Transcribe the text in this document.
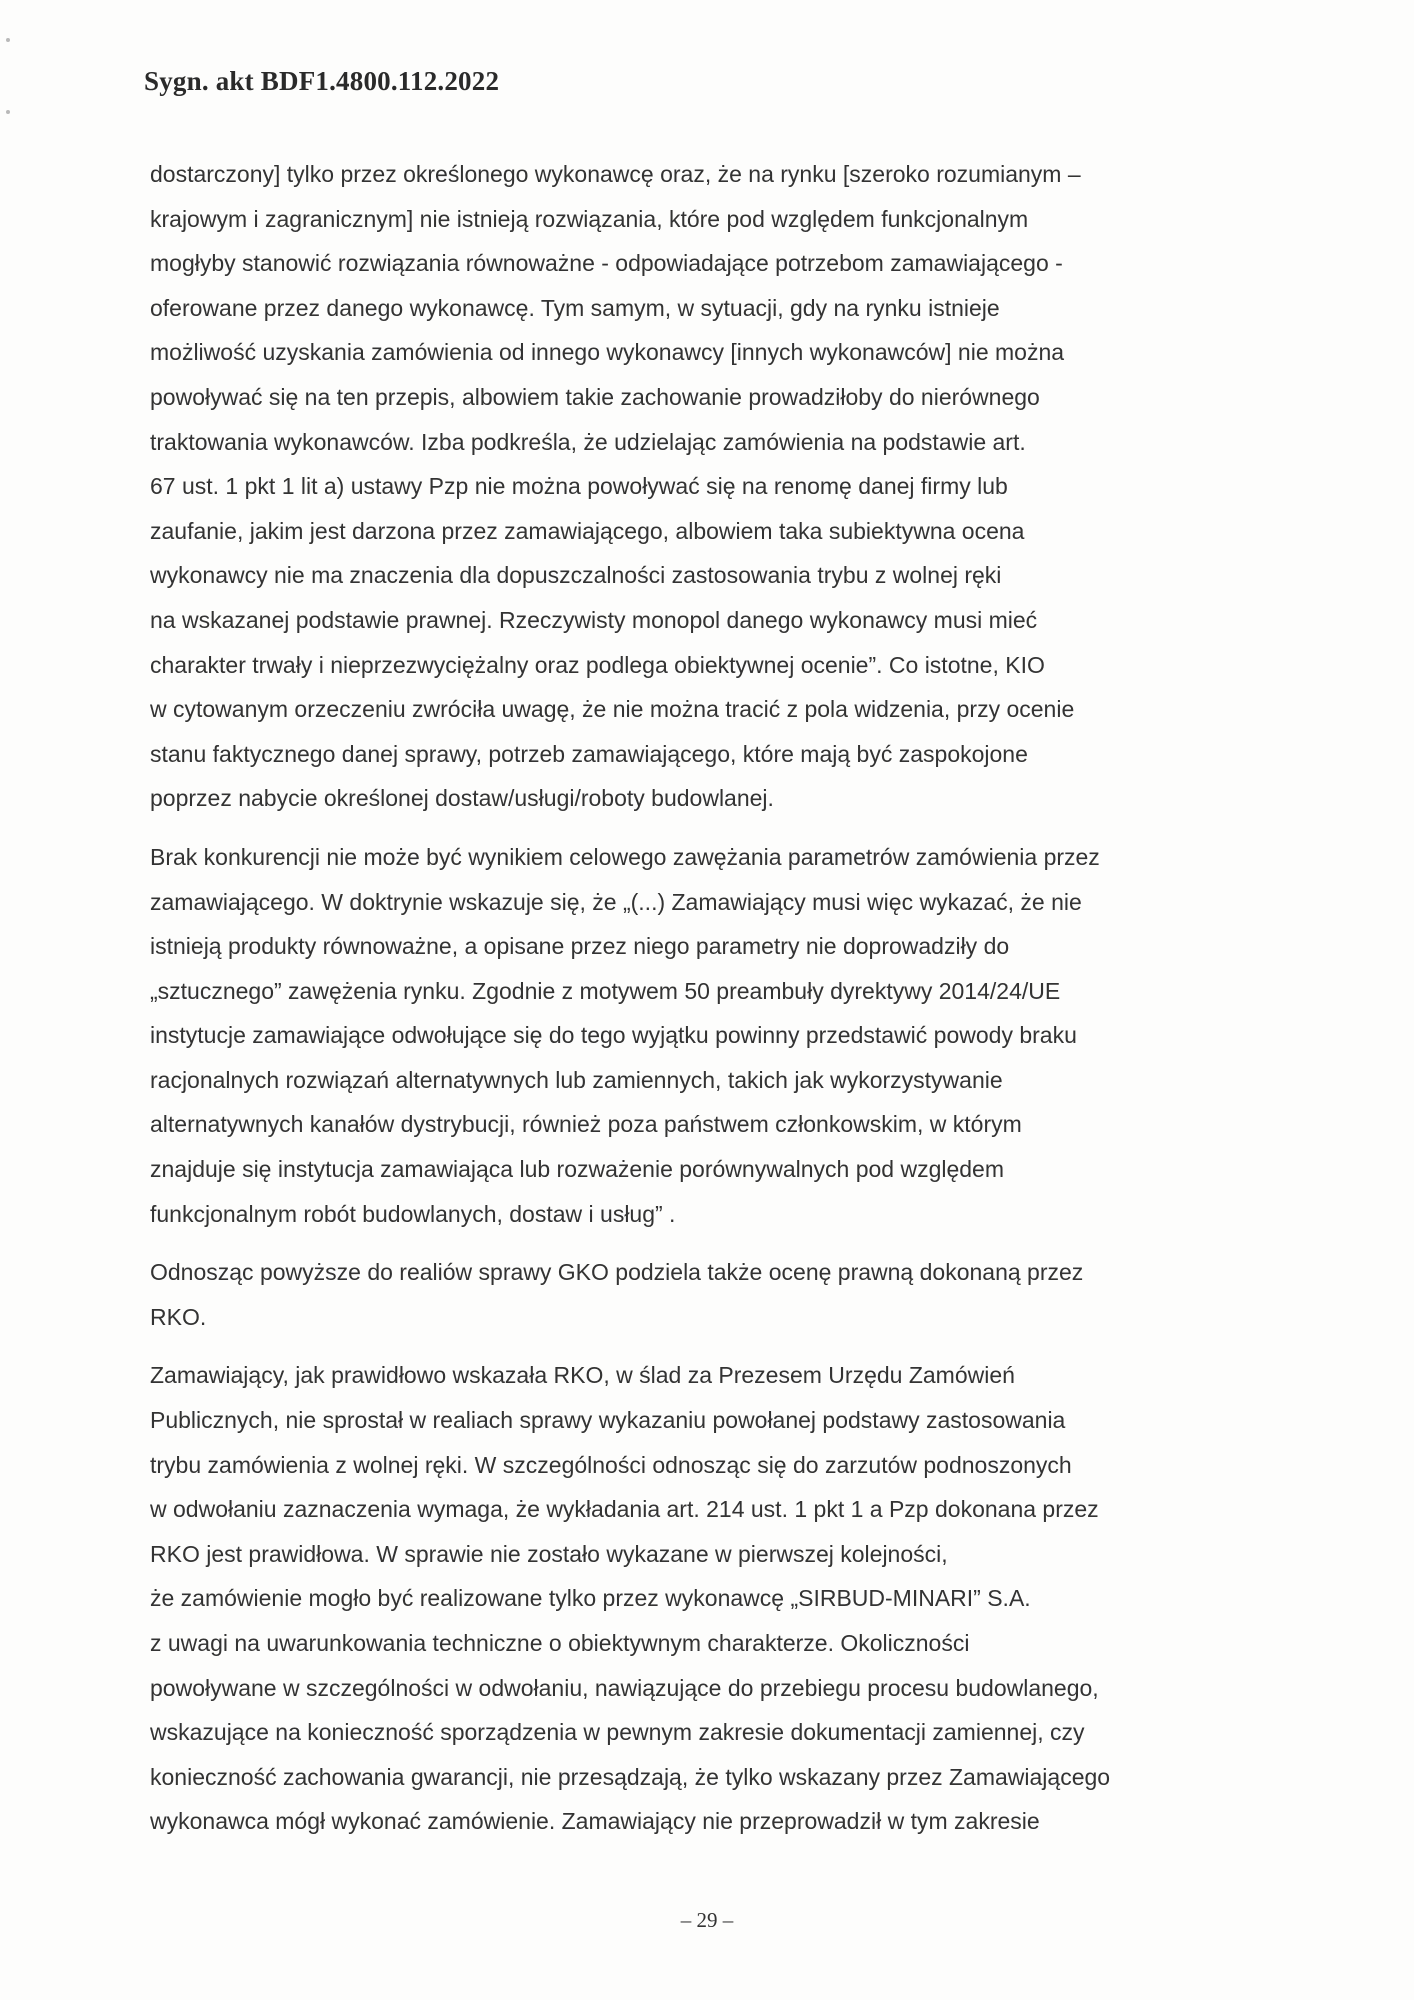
Sygn. akt BDF1.4800.112.2022
dostarczony] tylko przez określonego wykonawcę oraz, że na rynku [szeroko rozumianym –
krajowym i zagranicznym] nie istnieją rozwiązania, które pod względem funkcjonalnym
mogłyby stanowić rozwiązania równoważne - odpowiadające potrzebom zamawiającego -
oferowane przez danego wykonawcę. Tym samym, w sytuacji, gdy na rynku istnieje
możliwość uzyskania zamówienia od innego wykonawcy [innych wykonawców] nie można
powoływać się na ten przepis, albowiem takie zachowanie prowadziłoby do nierównego
traktowania wykonawców. Izba podkreśla, że udzielając zamówienia na podstawie art.
67 ust. 1 pkt 1 lit a) ustawy Pzp nie można powoływać się na renomę danej firmy lub
zaufanie, jakim jest darzona przez zamawiającego, albowiem taka subiektywna ocena
wykonawcy nie ma znaczenia dla dopuszczalności zastosowania trybu z wolnej ręki
na wskazanej podstawie prawnej. Rzeczywisty monopol danego wykonawcy musi mieć
charakter trwały i nieprzezwyciężalny oraz podlega obiektywnej ocenie”. Co istotne, KIO
w cytowanym orzeczeniu zwróciła uwagę, że nie można tracić z pola widzenia, przy ocenie
stanu faktycznego danej sprawy, potrzeb zamawiającego, które mają być zaspokojone
poprzez nabycie określonej dostaw/usługi/roboty budowlanej.
Brak konkurencji nie może być wynikiem celowego zawężania parametrów zamówienia przez
zamawiającego. W doktrynie wskazuje się, że „(...) Zamawiający musi więc wykazać, że nie
istnieją produkty równoważne, a opisane przez niego parametry nie doprowadziły do
„sztucznego” zawężenia rynku. Zgodnie z motywem 50 preambuły dyrektywy 2014/24/UE
instytucje zamawiające odwołujące się do tego wyjątku powinny przedstawić powody braku
racjonalnych rozwiązań alternatywnych lub zamiennych, takich jak wykorzystywanie
alternatywnych kanałów dystrybucji, również poza państwem członkowskim, w którym
znajduje się instytucja zamawiająca lub rozważenie porównywalnych pod względem
funkcjonalnym robót budowlanych, dostaw i usług” .
Odnosząc powyższe do realiów sprawy GKO podziela także ocenę prawną dokonaną przez
RKO.
Zamawiający, jak prawidłowo wskazała RKO, w ślad za Prezesem Urzędu Zamówień
Publicznych, nie sprostał w realiach sprawy wykazaniu powołanej podstawy zastosowania
trybu zamówienia z wolnej ręki. W szczególności odnosząc się do zarzutów podnoszonych
w odwołaniu zaznaczenia wymaga, że wykładania art. 214 ust. 1 pkt 1 a Pzp dokonana przez
RKO jest prawidłowa. W sprawie nie zostało wykazane w pierwszej kolejności,
że zamówienie mogło być realizowane tylko przez wykonawcę „SIRBUD-MINARI” S.A.
z uwagi na uwarunkowania techniczne o obiektywnym charakterze. Okoliczności
powoływane w szczególności w odwołaniu, nawiązujące do przebiegu procesu budowlanego,
wskazujące na konieczność sporządzenia w pewnym zakresie dokumentacji zamiennej, czy
konieczność zachowania gwarancji, nie przesądzają, że tylko wskazany przez Zamawiającego
wykonawca mógł wykonać zamówienie. Zamawiający nie przeprowadził w tym zakresie
– 29 –
